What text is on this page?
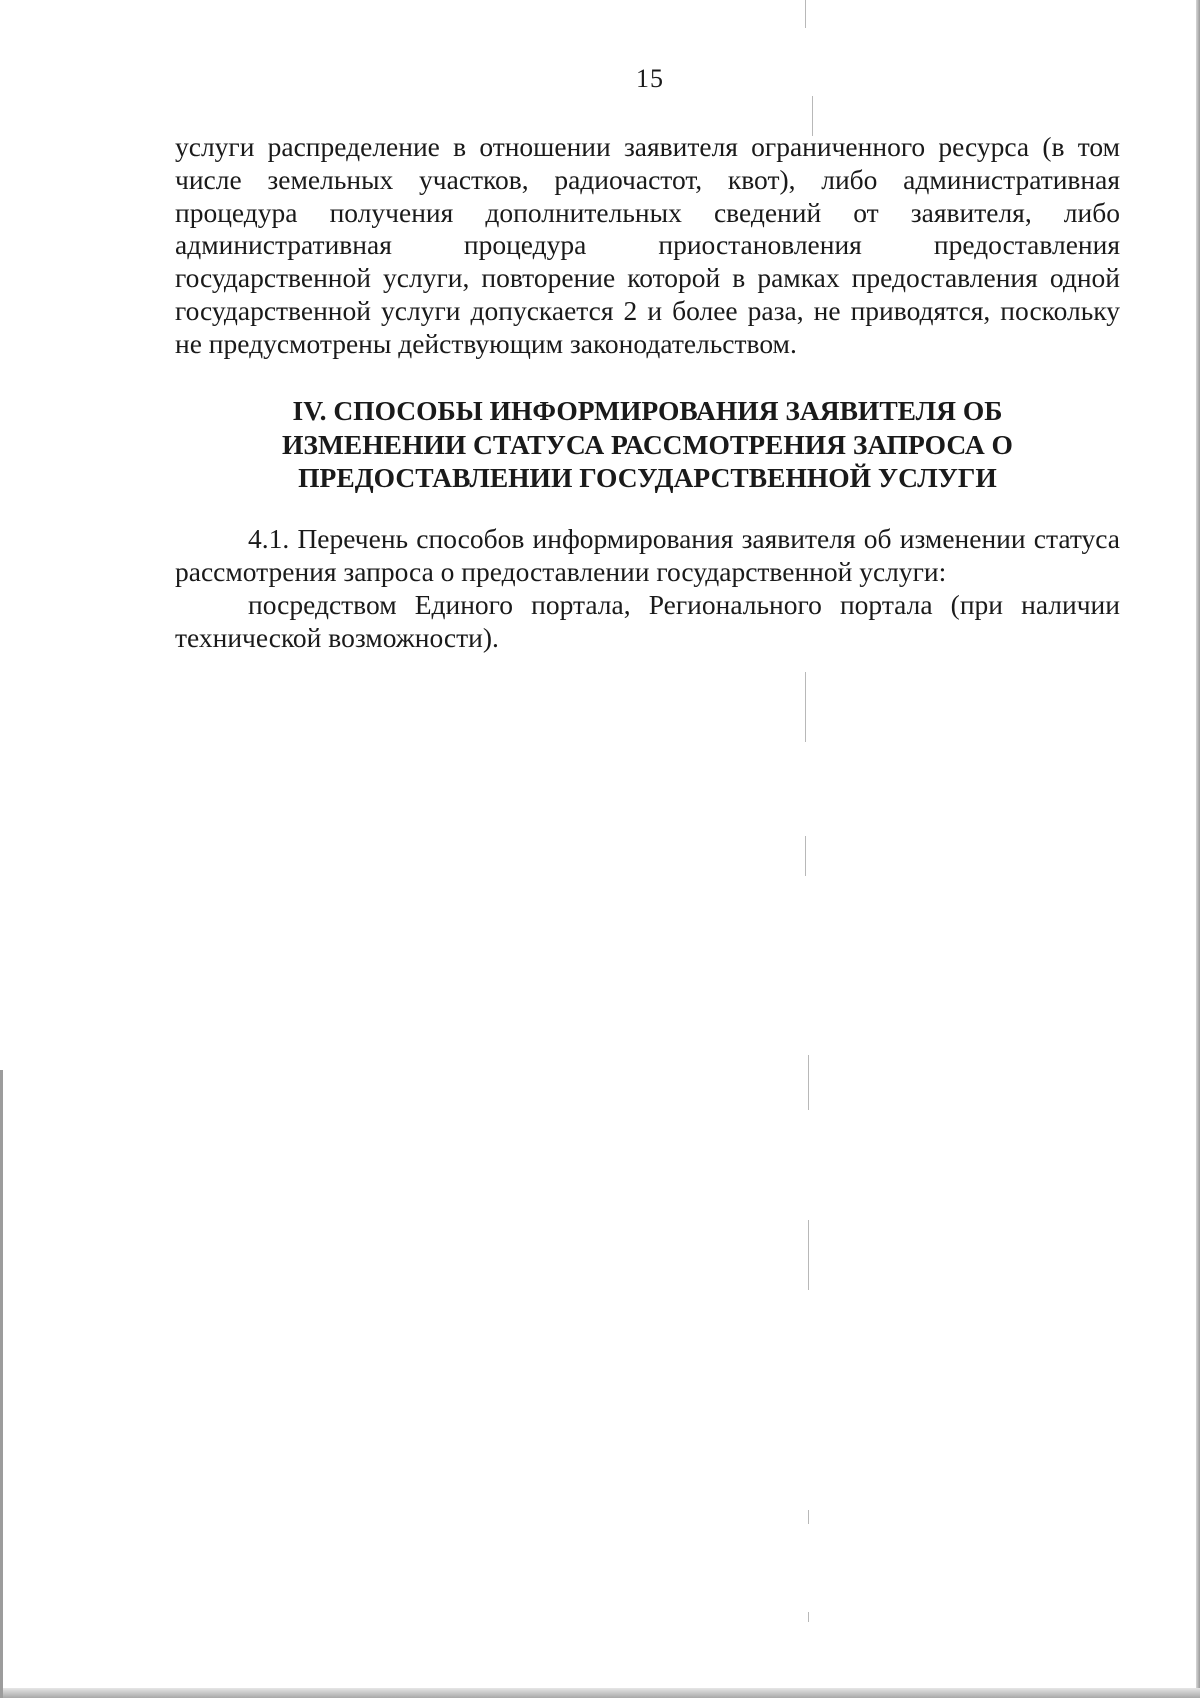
15

услуги распределение в отношении заявителя ограниченного ресурса (в том числе земельных участков, радиочастот, квот), либо административная процедура получения дополнительных сведений от заявителя, либо административная процедура приостановления предоставления государственной услуги, повторение которой в рамках предоставления одной государственной услуги допускается 2 и более раза, не приводятся, поскольку не предусмотрены действующим законодательством.

IV. СПОСОБЫ ИНФОРМИРОВАНИЯ ЗАЯВИТЕЛЯ ОБ
ИЗМЕНЕНИИ СТАТУСА РАССМОТРЕНИЯ ЗАПРОСА О
ПРЕДОСТАВЛЕНИИ ГОСУДАРСТВЕННОЙ УСЛУГИ

4.1. Перечень способов информирования заявителя об изменении статуса рассмотрения запроса о предоставлении государственной услуги:

посредством Единого портала, Регионального портала (при наличии технической возможности).
